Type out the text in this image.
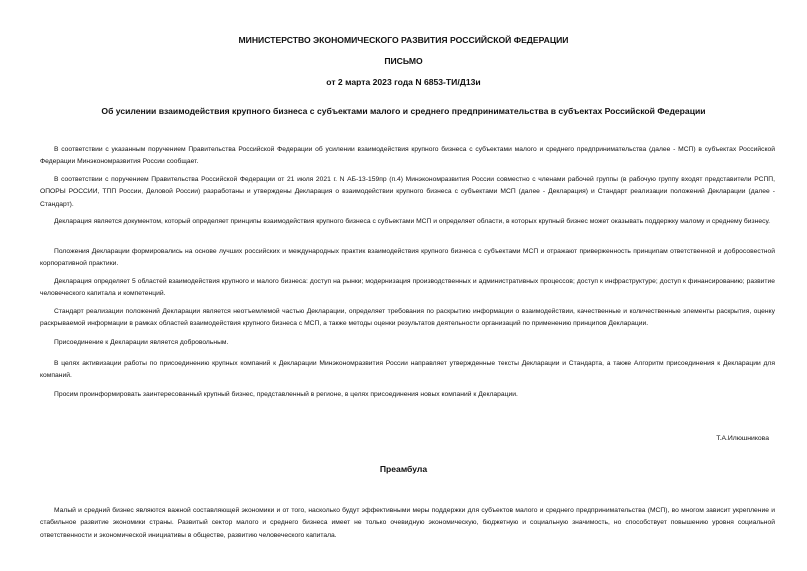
МИНИСТЕРСТВО ЭКОНОМИЧЕСКОГО РАЗВИТИЯ РОССИЙСКОЙ ФЕДЕРАЦИИ

ПИСЬМО

от 2 марта 2023 года N 6853-ТИ/Д13и

Об усилении взаимодействия крупного бизнеса с субъектами малого и среднего предпринимательства в субъектах Российской Федерации

В соответствии с указанным поручением Правительства Российской Федерации об усилении взаимодействия крупного бизнеса с субъектами малого и среднего предпринимательства (далее - МСП) в субъектах Российской Федерации Минэкономразвития России сообщает.

В соответствии с поручением Правительства Российской Федерации от 21 июля 2021 г. N АБ-13-159пр (п.4) Минэкономразвития России совместно с членами рабочей группы (в рабочую группу входят представители РСПП, ОПОРЫ РОССИИ, ТПП России, Деловой России) разработаны и утверждены Декларация о взаимодействии крупного бизнеса с субъектами МСП (далее - Декларация) и Стандарт реализации положений Декларации (далее - Стандарт).

Декларация является документом, который определяет принципы взаимодействия крупного бизнеса с субъектами МСП и определяет области, в которых крупный бизнес может оказывать поддержку малому и среднему бизнесу.

Положения Декларации формировались на основе лучших российских и международных практик взаимодействия крупного бизнеса с субъектами МСП и отражают приверженность принципам ответственной и добросовестной корпоративной практики.

Декларация определяет 5 областей взаимодействия крупного и малого бизнеса: доступ на рынки; модернизация производственных и административных процессов; доступ к инфраструктуре; доступ к финансированию; развитие человеческого капитала и компетенций.

Стандарт реализации положений Декларации является неотъемлемой частью Декларации, определяет требования по раскрытию информации о взаимодействии, качественные и количественные элементы раскрытия, оценку раскрываемой информации в рамках областей взаимодействия крупного бизнеса с МСП, а также методы оценки результатов деятельности организаций по применению принципов Декларации.

Присоединение к Декларации является добровольным.

В целях активизации работы по присоединению крупных компаний к Декларации Минэкономразвития России направляет утвержденные тексты Декларации и Стандарта, а также Алгоритм присоединения к Декларации для компаний.

Просим проинформировать заинтересованный крупный бизнес, представленный в регионе, в целях присоединения новых компаний к Декларации.

Т.А.Илюшникова

Преамбула

Малый и средний бизнес являются важной составляющей экономики и от того, насколько будут эффективными меры поддержки для субъектов малого и среднего предпринимательства (МСП), во многом зависит укрепление и стабильное развитие экономики страны. Развитый сектор малого и среднего бизнеса имеет не только очевидную экономическую, бюджетную и социальную значимость, но способствует повышению уровня социальной ответственности и экономической инициативы в обществе, развитию человеческого капитала.
